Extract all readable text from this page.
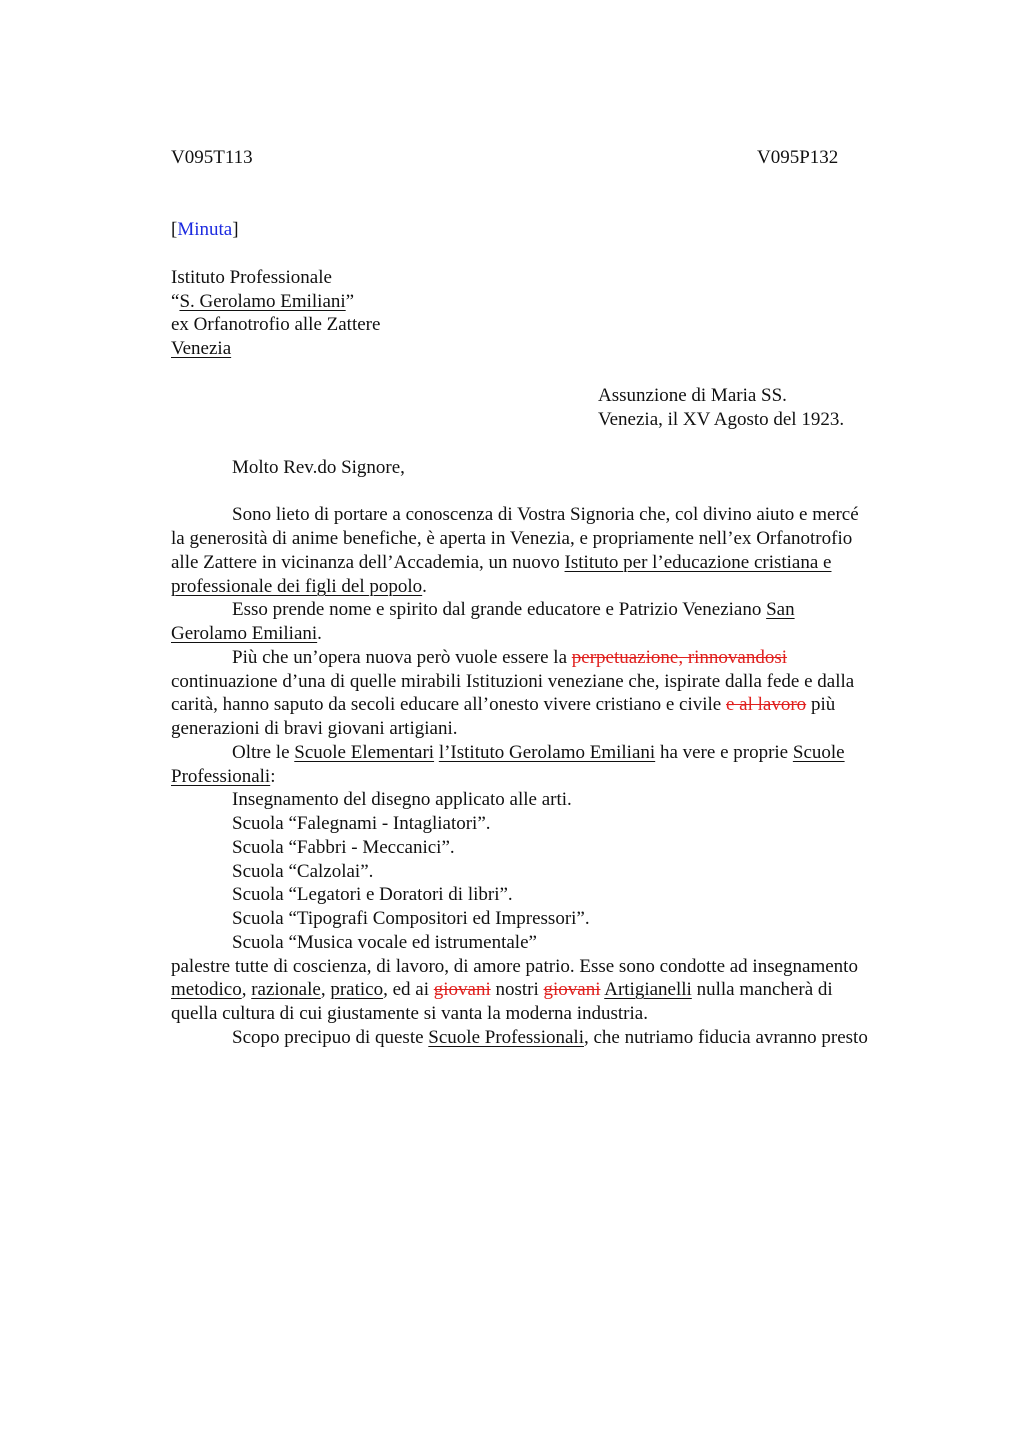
V095T113	V095P132
[Minuta]
Istituto Professionale
“S. Gerolamo Emiliani”
ex Orfanotrofio alle Zattere
Venezia
Assunzione di Maria SS.
Venezia, il XV Agosto del 1923.
Molto Rev.do Signore,
Sono lieto di portare a conoscenza di Vostra Signoria che, col divino aiuto e mercé
la generosità di anime benefiche, è aperta in Venezia, e propriamente nell’ex Orfanotrofio
alle Zattere in vicinanza dell’Accademia, un nuovo Istituto per l’educazione cristiana e
professionale dei figli del popolo.
Esso prende nome e spirito dal grande educatore e Patrizio Veneziano San
Gerolamo Emiliani.
Più che un’opera nuova però vuole essere la perpetuazione, rinnovandosi
continuazione d’una di quelle mirabili Istituzioni veneziane che, ispirate dalla fede e dalla
carità, hanno saputo da secoli educare all’onesto vivere cristiano e civile e al lavoro più
generazioni di bravi giovani artigiani.
Oltre le Scuole Elementari l’Istituto Gerolamo Emiliani ha vere e proprie Scuole
Professionali:
Insegnamento del disegno applicato alle arti.
Scuola “Falegnami - Intagliatori”.
Scuola “Fabbri - Meccanici”.
Scuola “Calzolai”.
Scuola “Legatori e Doratori di libri”.
Scuola “Tipografi Compositori ed Impressori”.
Scuola “Musica vocale ed istrumentale”
palestre tutte di coscienza, di lavoro, di amore patrio. Esse sono condotte ad insegnamento
metodico, razionale, pratico, ed ai giovani nostri giovani Artigianelli nulla mancherà di
quella cultura di cui giustamente si vanta la moderna industria.
Scopo precipuo di queste Scuole Professionali, che nutriamo fiducia avranno presto
